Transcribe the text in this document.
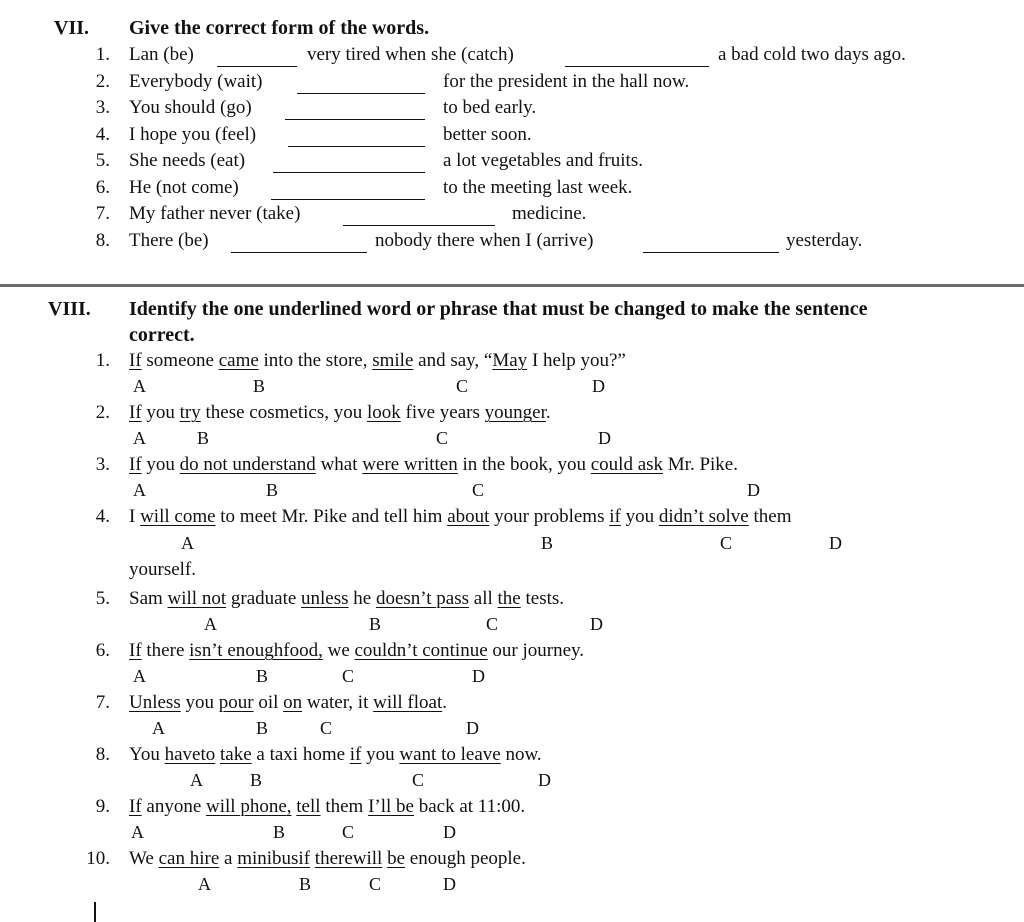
VII. Give the correct form of the words.
1. Lan (be)	very tired when she (catch)	a bad cold two days ago.
2. Everybody (wait)	for the president in the hall now.
3. You should (go)	to bed early.
4. I hope you (feel)	better soon.
5. She needs (eat)	a lot vegetables and fruits.
6. He (not come)	to the meeting last week.
7. My father never (take)	medicine.
8. There (be)	nobody there when I (arrive)	yesterday.
VIII. Identify the one underlined word or phrase that must be changed to make the sentence
correct.
1. If someone came into the store, smile and say, “May I help you?”
A	B	C	D
2. If you try these cosmetics, you look five years younger.
A	B	C	D
3. If you do not understand what were written in the book, you could ask Mr. Pike.
A	B	C	D
4. I will come to meet Mr. Pike and tell him about your problems if you didn’t solve them
A	B	C	D
yourself.
5. Sam will not graduate unless he doesn’t pass all the tests.
A	B	C	D
6. If there isn’t enoughfood, we couldn’t continue our journey.
A	B	C	D
7. Unless you pour oil on water, it will float.
A	B	C	D
8. You haveto take a taxi home if you want to leave now.
A	B	C	D
9. If anyone will phone, tell them I’ll be back at 11:00.
A	B	C	D
10. We can hire a minibusif therewill be enough people.
A	B	C	D
